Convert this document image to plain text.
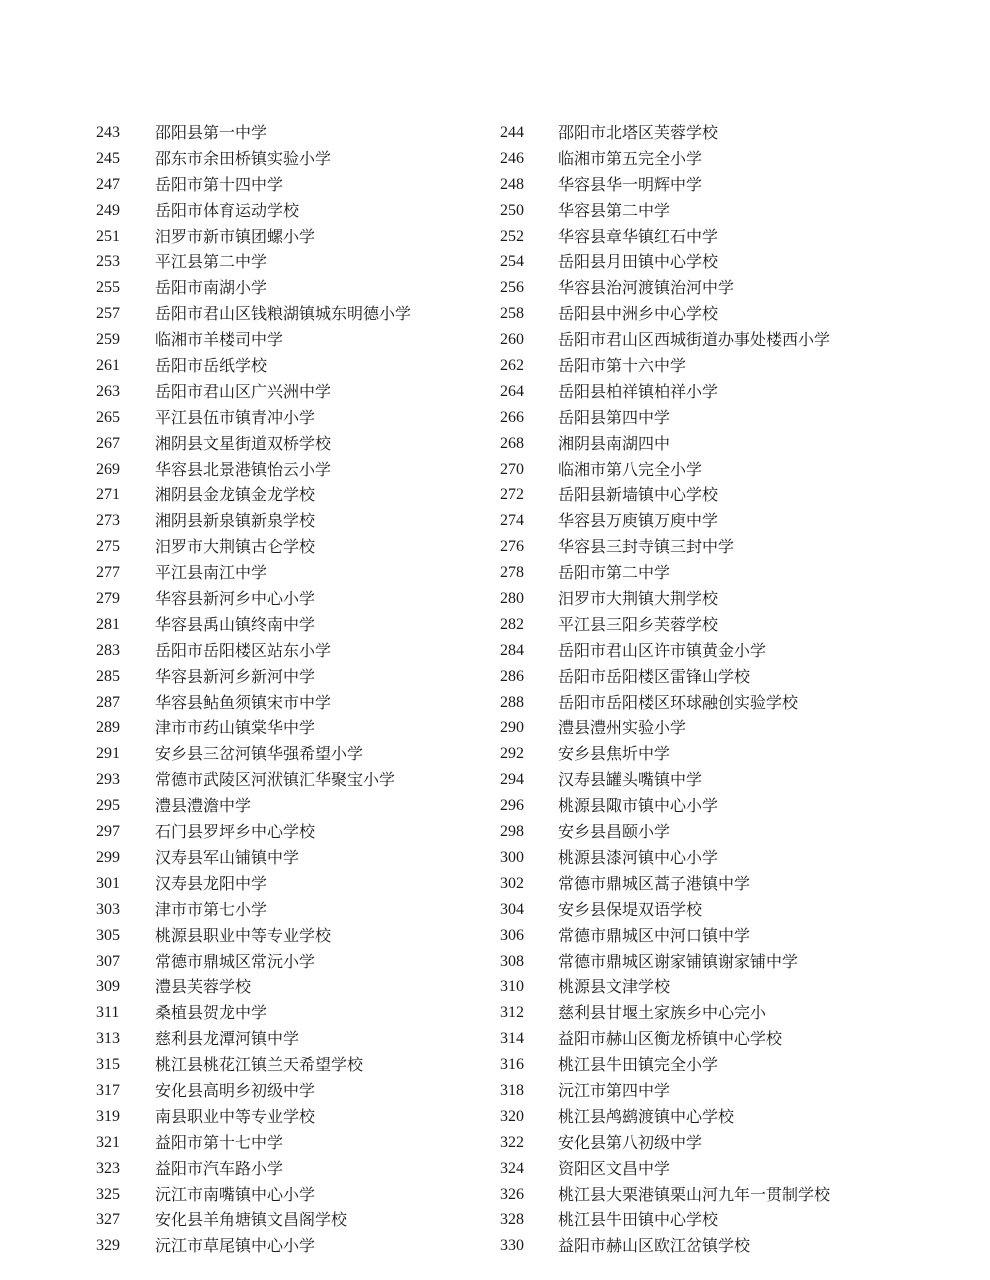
243	邵阳县第一中学	244	邵阳市北塔区芙蓉学校
245	邵东市余田桥镇实验小学	246	临湘市第五完全小学
247	岳阳市第十四中学	248	华容县华一明辉中学
249	岳阳市体育运动学校	250	华容县第二中学
251	汨罗市新市镇团螺小学	252	华容县章华镇红石中学
253	平江县第二中学	254	岳阳县月田镇中心学校
255	岳阳市南湖小学	256	华容县治河渡镇治河中学
257	岳阳市君山区钱粮湖镇城东明德小学	258	岳阳县中洲乡中心学校
259	临湘市羊楼司中学	260	岳阳市君山区西城街道办事处楼西小学
261	岳阳市岳纸学校	262	岳阳市第十六中学
263	岳阳市君山区广兴洲中学	264	岳阳县柏祥镇柏祥小学
265	平江县伍市镇青冲小学	266	岳阳县第四中学
267	湘阴县文星街道双桥学校	268	湘阴县南湖四中
269	华容县北景港镇怡云小学	270	临湘市第八完全小学
271	湘阴县金龙镇金龙学校	272	岳阳县新墙镇中心学校
273	湘阴县新泉镇新泉学校	274	华容县万庾镇万庾中学
275	汨罗市大荆镇古仑学校	276	华容县三封寺镇三封中学
277	平江县南江中学	278	岳阳市第二中学
279	华容县新河乡中心小学	280	汨罗市大荆镇大荆学校
281	华容县禹山镇终南中学	282	平江县三阳乡芙蓉学校
283	岳阳市岳阳楼区站东小学	284	岳阳市君山区许市镇黄金小学
285	华容县新河乡新河中学	286	岳阳市岳阳楼区雷锋山学校
287	华容县鲇鱼须镇宋市中学	288	岳阳市岳阳楼区环球融创实验学校
289	津市市药山镇棠华中学	290	澧县澧州实验小学
291	安乡县三岔河镇华强希望小学	292	安乡县焦圻中学
293	常德市武陵区河洑镇汇华聚宝小学	294	汉寿县罐头嘴镇中学
295	澧县澧澹中学	296	桃源县陬市镇中心小学
297	石门县罗坪乡中心学校	298	安乡县昌颐小学
299	汉寿县军山铺镇中学	300	桃源县漆河镇中心小学
301	汉寿县龙阳中学	302	常德市鼎城区蒿子港镇中学
303	津市市第七小学	304	安乡县保堤双语学校
305	桃源县职业中等专业学校	306	常德市鼎城区中河口镇中学
307	常德市鼎城区常沅小学	308	常德市鼎城区谢家铺镇谢家铺中学
309	澧县芙蓉学校	310	桃源县文津学校
311	桑植县贺龙中学	312	慈利县甘堰土家族乡中心完小
313	慈利县龙潭河镇中学	314	益阳市赫山区衡龙桥镇中心学校
315	桃江县桃花江镇兰天希望学校	316	桃江县牛田镇完全小学
317	安化县高明乡初级中学	318	沅江市第四中学
319	南县职业中等专业学校	320	桃江县鸬鹚渡镇中心学校
321	益阳市第十七中学	322	安化县第八初级中学
323	益阳市汽车路小学	324	资阳区文昌中学
325	沅江市南嘴镇中心小学	326	桃江县大栗港镇栗山河九年一贯制学校
327	安化县羊角塘镇文昌阁学校	328	桃江县牛田镇中心学校
329	沅江市草尾镇中心小学	330	益阳市赫山区欧江岔镇学校
